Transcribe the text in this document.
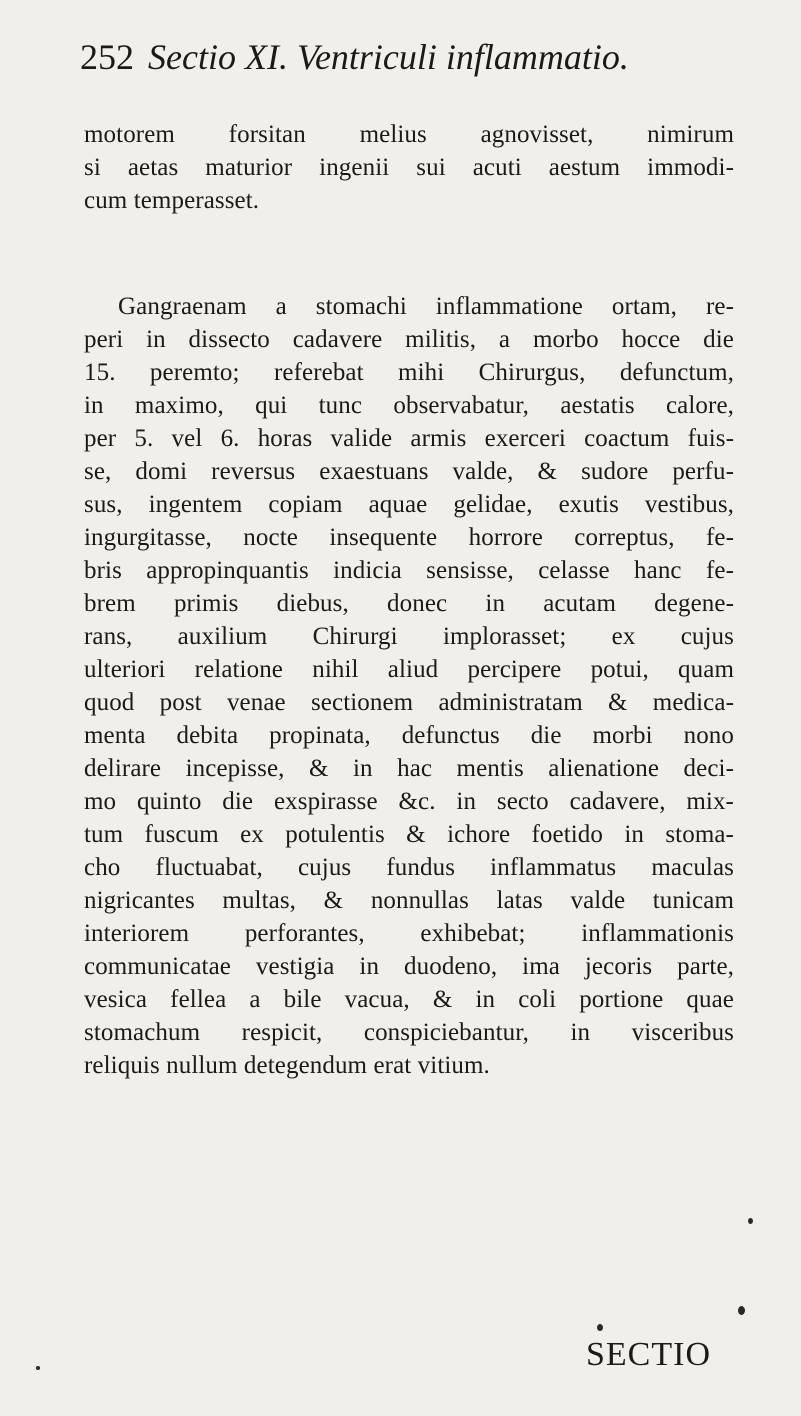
252 Sectio XI. Ventriculi inflammatio.
motorem forsitan melius agnovisset, nimirum
si aetas maturior ingenii sui acuti aestum immodi-
cum temperasset.
Gangraenam a stomachi inflammatione ortam, re-
peri in dissecto cadavere militis, a morbo hocce die
15. peremto; referebat mihi Chirurgus, defunctum,
in maximo, qui tunc observabatur, aestatis calore,
per 5. vel 6. horas valide armis exerceri coactum fuis-
se, domi reversus exaestuans valde, & sudore perfu-
sus, ingentem copiam aquae gelidae, exutis vestibus,
ingurgitasse, nocte insequente horrore correptus, fe-
bris appropinquantis indicia sensisse, celasse hanc fe-
brem primis diebus, donec in acutam degene-
rans, auxilium Chirurgi implorasset; ex cujus
ulteriori relatione nihil aliud percipere potui, quam
quod post venae sectionem administratam & medica-
menta debita propinata, defunctus die morbi nono
delirare incepisse, & in hac mentis alienatione deci-
mo quinto die exspirasse &c. in secto cadavere, mix-
tum fuscum ex potulentis & ichore foetido in stoma-
cho fluctuabat, cujus fundus inflammatus maculas
nigricantes multas, & nonnullas latas valde tunicam
interiorem perforantes, exhibebat; inflammationis
communicatae vestigia in duodeno, ima jecoris parte,
vesica fellea a bile vacua, & in coli portione quae
stomachum respicit, conspiciebantur, in visceribus
reliquis nullum detegendum erat vitium.
SECTIO
